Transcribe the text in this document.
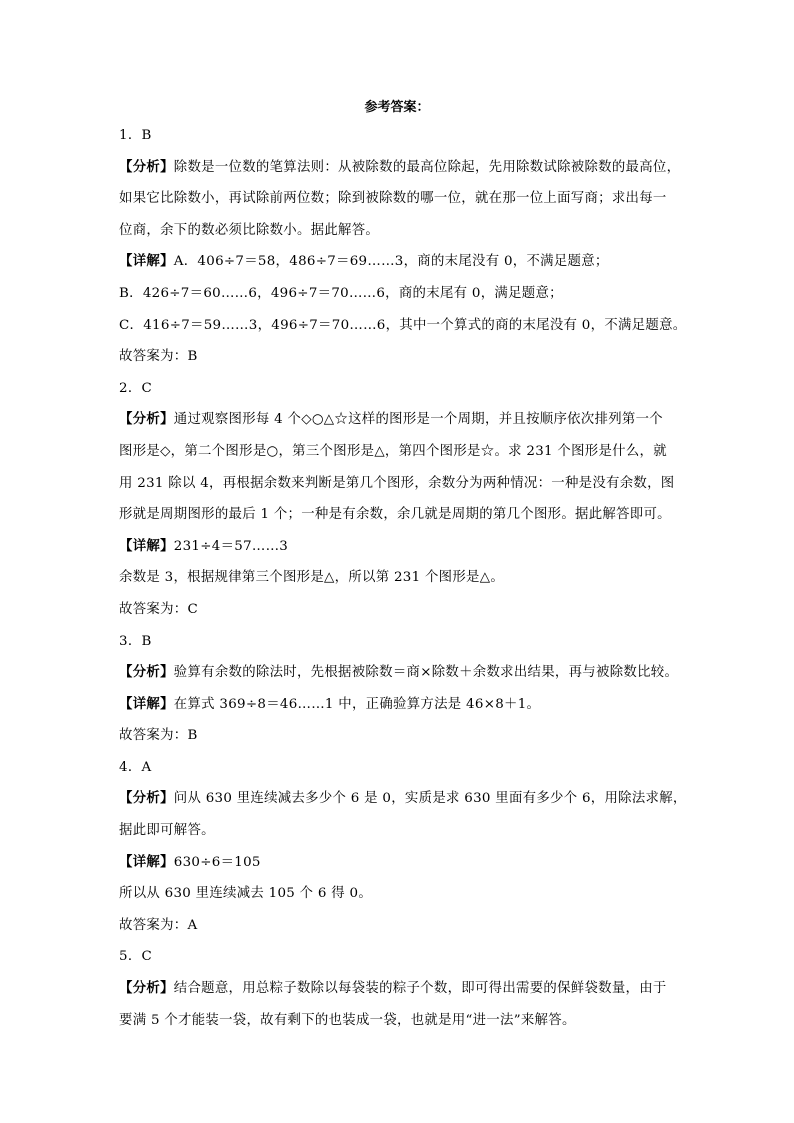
参考答案：
1．B
【分析】除数是一位数的笔算法则：从被除数的最高位除起，先用除数试除被除数的最高位，
如果它比除数小，再试除前两位数；除到被除数的哪一位，就在那一位上面写商；求出每一
位商，余下的数必须比除数小。据此解答。
【详解】A．406÷7＝58，486÷7＝69……3，商的末尾没有 0，不满足题意；
B．426÷7＝60……6，496÷7＝70……6，商的末尾有 0，满足题意；
C．416÷7＝59……3，496÷7＝70……6，其中一个算式的商的末尾没有 0，不满足题意。
故答案为：B
2．C
【分析】通过观察图形每 4 个◇○△☆这样的图形是一个周期，并且按顺序依次排列第一个
图形是◇，第二个图形是○，第三个图形是△，第四个图形是☆。求 231 个图形是什么，就
用 231 除以 4，再根据余数来判断是第几个图形，余数分为两种情况：一种是没有余数，图
形就是周期图形的最后 1 个；一种是有余数，余几就是周期的第几个图形。据此解答即可。
【详解】231÷4＝57……3
余数是 3，根据规律第三个图形是△，所以第 231 个图形是△。
故答案为：C
3．B
【分析】验算有余数的除法时，先根据被除数＝商×除数＋余数求出结果，再与被除数比较。
【详解】在算式 369÷8＝46……1 中，正确验算方法是 46×8＋1。
故答案为：B
4．A
【分析】问从 630 里连续减去多少个 6 是 0，实质是求 630 里面有多少个 6，用除法求解，
据此即可解答。
【详解】630÷6＝105
所以从 630 里连续减去 105 个 6 得 0。
故答案为：A
5．C
【分析】结合题意，用总粽子数除以每袋装的粽子个数，即可得出需要的保鲜袋数量，由于
要满 5 个才能装一袋，故有剩下的也装成一袋，也就是用“进一法”来解答。
